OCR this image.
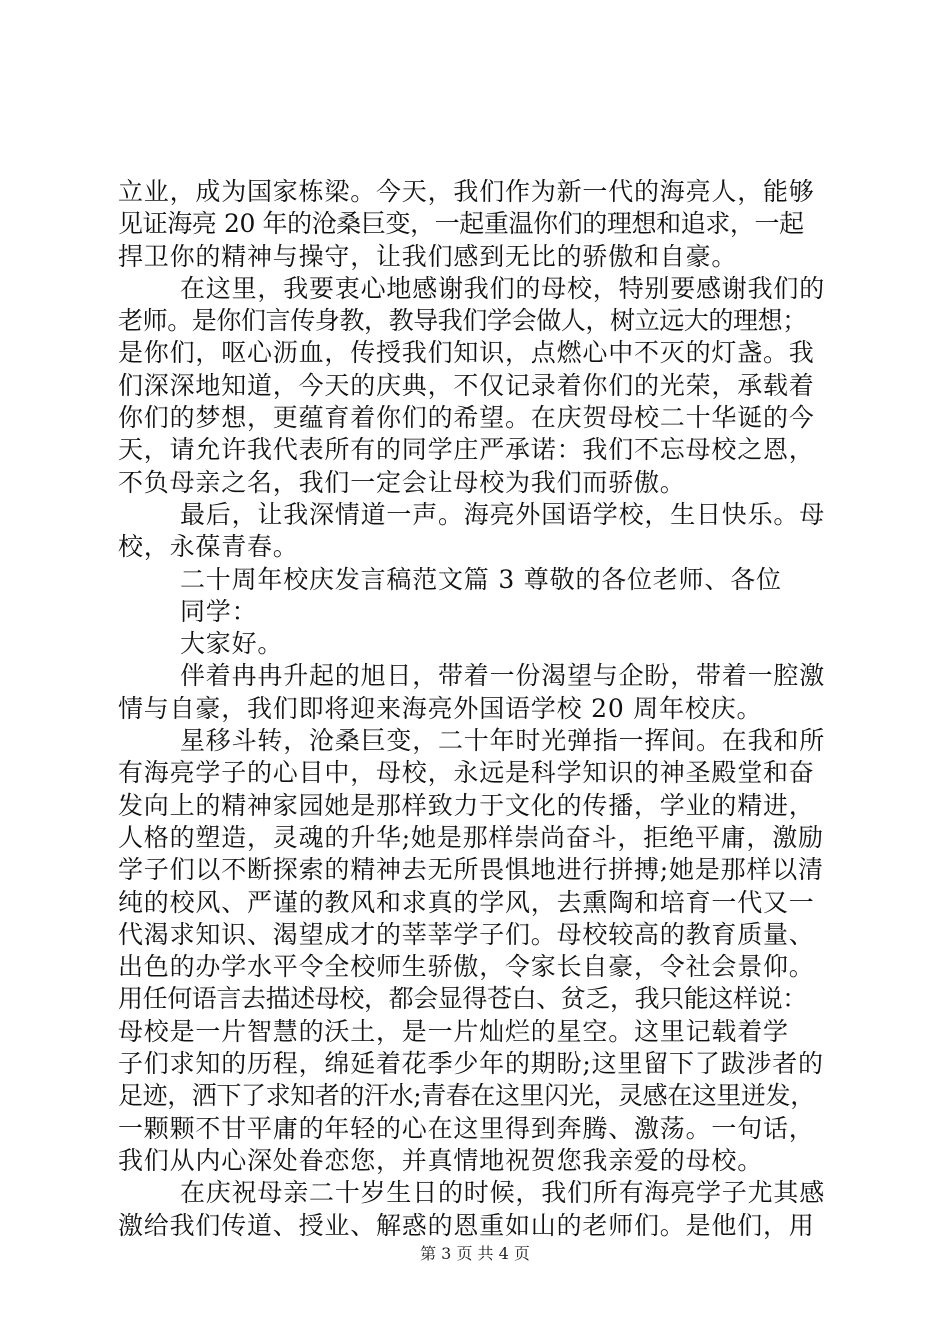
立业，成为国家栋梁。今天，我们作为新一代的海亮人，能够
见证海亮 20 年的沧桑巨变，一起重温你们的理想和追求，一起
捍卫你的精神与操守，让我们感到无比的骄傲和自豪。
在这里，我要衷心地感谢我们的母校，特别要感谢我们的
老师。是你们言传身教，教导我们学会做人，树立远大的理想；
是你们，呕心沥血，传授我们知识，点燃心中不灭的灯盏。我
们深深地知道，今天的庆典，不仅记录着你们的光荣，承载着
你们的梦想，更蕴育着你们的希望。在庆贺母校二十华诞的今
天，请允许我代表所有的同学庄严承诺：我们不忘母校之恩，
不负母亲之名，我们一定会让母校为我们而骄傲。
最后，让我深情道一声。海亮外国语学校，生日快乐。母
校，永葆青春。
二十周年校庆发言稿范文篇 3 尊敬的各位老师、各位
同学：
大家好。
伴着冉冉升起的旭日，带着一份渴望与企盼，带着一腔激
情与自豪，我们即将迎来海亮外国语学校 20 周年校庆。
星移斗转，沧桑巨变，二十年时光弹指一挥间。在我和所
有海亮学子的心目中，母校，永远是科学知识的神圣殿堂和奋
发向上的精神家园她是那样致力于文化的传播，学业的精进，
人格的塑造，灵魂的升华;她是那样崇尚奋斗，拒绝平庸，激励
学子们以不断探索的精神去无所畏惧地进行拼搏;她是那样以清
纯的校风、严谨的教风和求真的学风，去熏陶和培育一代又一
代渴求知识、渴望成才的莘莘学子们。母校较高的教育质量、
出色的办学水平令全校师生骄傲，令家长自豪，令社会景仰。
用任何语言去描述母校，都会显得苍白、贫乏，我只能这样说：
母校是一片智慧的沃土，是一片灿烂的星空。这里记载着学
子们求知的历程，绵延着花季少年的期盼;这里留下了跋涉者的
足迹，洒下了求知者的汗水;青春在这里闪光，灵感在这里迸发，
一颗颗不甘平庸的年轻的心在这里得到奔腾、激荡。一句话，
我们从内心深处眷恋您，并真情地祝贺您我亲爱的母校。
在庆祝母亲二十岁生日的时候，我们所有海亮学子尤其感
激给我们传道、授业、解惑的恩重如山的老师们。是他们，用
第 3 页 共 4 页
